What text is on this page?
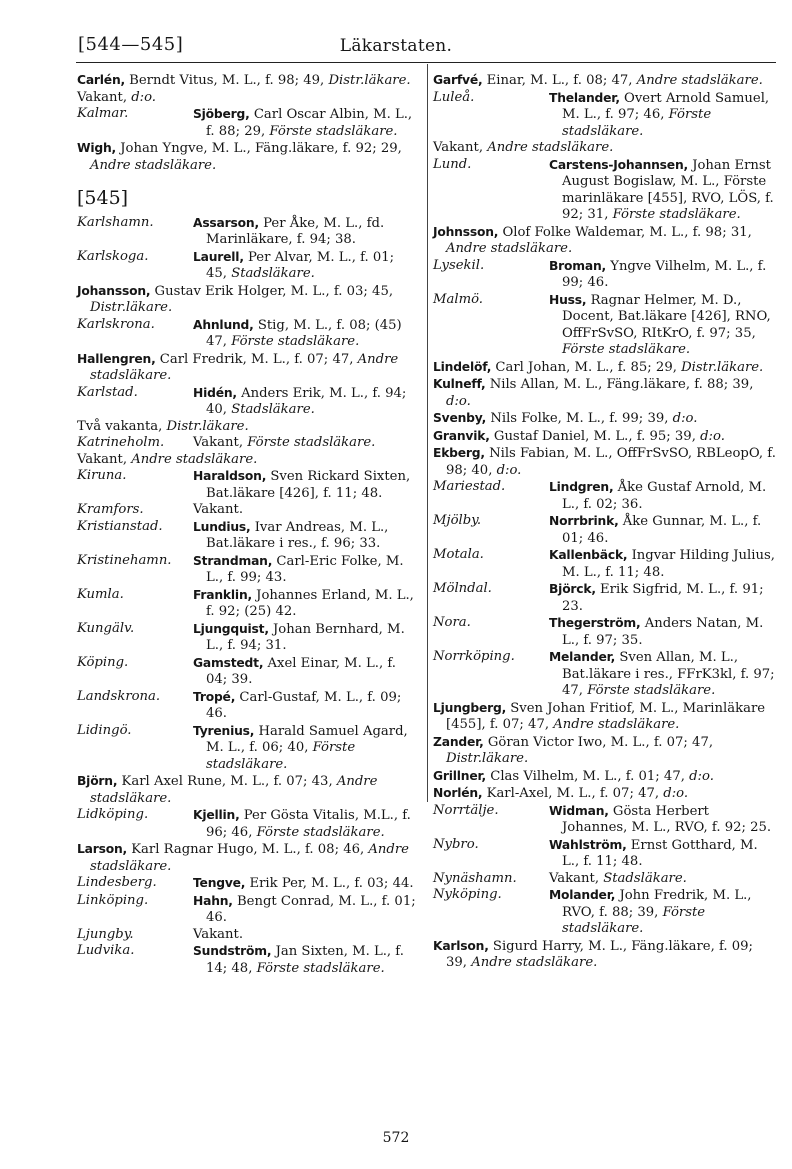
[544—545]	Läkarstaten.
Carlén, Berndt Vitus, M. L., f. 98; 49, Distr.läkare.
Vakant, d:o.
Kalmar.	Sjöberg, Carl Oscar Albin, M. L., f. 88; 29, Förste stadsläkare.
Wigh, Johan Yngve, M. L., Fäng.läkare, f. 92; 29, Andre stadsläkare.
[545]
Karlshamn.	Assarson, Per Åke, M. L., fd. Marinläkare, f. 94; 38.
Karlskoga.	Laurell, Per Alvar, M. L., f. 01; 45, Stadsläkare.
Johansson, Gustav Erik Holger, M. L., f. 03; 45, Distr.läkare.
Karlskrona.	Ahnlund, Stig, M. L., f. 08; (45) 47, Förste stadsläkare.
Hallengren, Carl Fredrik, M. L., f. 07; 47, Andre stadsläkare.
Karlstad.	Hidén, Anders Erik, M. L., f. 94; 40, Stadsläkare.
Två vakanta, Distr.läkare.
Katrineholm. Vakant, Förste stadsläkare.
Vakant, Andre stadsläkare.
Kiruna.	Haraldson, Sven Rickard Sixten, Bat.läkare [426], f. 11; 48.
Kramfors.	Vakant.
Kristianstad. Lundius, Ivar Andreas, M. L., Bat.läkare i res., f. 96; 33.
Kristinehamn. Strandman, Carl-Eric Folke, M. L., f. 99; 43.
Kumla.	Franklin, Johannes Erland, M. L., f. 92; (25) 42.
Kungälv.	Ljungquist, Johan Bernhard, M. L., f. 94; 31.
Köping.	Gamstedt, Axel Einar, M. L., f. 04; 39.
Landskrona.	Tropé, Carl-Gustaf, M. L., f. 09; 46.
Lidingö.	Tyrenius, Harald Samuel Agard, M. L., f. 06; 40, Förste stadsläkare.
Björn, Karl Axel Rune, M. L., f. 07; 43, Andre stadsläkare.
Lidköping.	Kjellin, Per Gösta Vitalis, M.L., f. 96; 46, Förste stadsläkare.
Larson, Karl Ragnar Hugo, M. L., f. 08; 46, Andre stadsläkare.
Lindesberg.	Tengve, Erik Per, M. L., f. 03; 44.
Linköping.	Hahn, Bengt Conrad, M. L., f. 01; 46.
Ljungby.	Vakant.
Ludvika.	Sundström, Jan Sixten, M. L., f. 14; 48, Förste stadsläkare.
Garfvé, Einar, M. L., f. 08; 47, Andre stadsläkare.
Luleå.	Thelander, Overt Arnold Samuel, M. L., f. 97; 46, Förste stadsläkare.
Vakant, Andre stadsläkare.
Lund.	Carstens-Johannsen, Johan Ernst August Bogislaw, M. L., Förste marinläkare [455], RVO, LÖS, f. 92; 31, Förste stadsläkare.
Johnsson, Olof Folke Waldemar, M. L., f. 98; 31, Andre stadsläkare.
Lysekil.	Broman, Yngve Vilhelm, M. L., f. 99; 46.
Malmö.	Huss, Ragnar Helmer, M. D., Docent, Bat.läkare [426], RNO, OffFrSvSO, RItKrO, f. 97; 35, Förste stadsläkare.
Lindelöf, Carl Johan, M. L., f. 85; 29, Distr.läkare.
Kulneff, Nils Allan, M. L., Fäng.läkare, f. 88; 39, d:o.
Svenby, Nils Folke, M. L., f. 99; 39, d:o.
Granvik, Gustaf Daniel, M. L., f. 95; 39, d:o.
Ekberg, Nils Fabian, M. L., OffFrSvSO, RBLeopO, f. 98; 40, d:o.
Mariestad.	Lindgren, Åke Gustaf Arnold, M. L., f. 02; 36.
Mjölby.	Norrbrink, Åke Gunnar, M. L., f. 01; 46.
Motala.	Kallenbäck, Ingvar Hilding Julius, M. L., f. 11; 48.
Mölndal.	Björck, Erik Sigfrid, M. L., f. 91; 23.
Nora.	Thegerström, Anders Natan, M. L., f. 97; 35.
Norrköping.	Melander, Sven Allan, M. L., Bat.läkare i res., FFrK3kl, f. 97; 47, Förste stadsläkare.
Ljungberg, Sven Johan Fritiof, M. L., Marinläkare [455], f. 07; 47, Andre stadsläkare.
Zander, Göran Victor Iwo, M. L., f. 07; 47, Distr.läkare.
Grillner, Clas Vilhelm, M. L., f. 01; 47, d:o.
Norlén, Karl-Axel, M. L., f. 07; 47, d:o.
Norrtälje.	Widman, Gösta Herbert Johannes, M. L., RVO, f. 92; 25.
Nybro.	Wahlström, Ernst Gotthard, M. L., f. 11; 48.
Nynäshamn. Vakant, Stadsläkare.
Nyköping.	Molander, John Fredrik, M. L., RVO, f. 88; 39, Förste stadsläkare.
Karlson, Sigurd Harry, M. L., Fäng.läkare, f. 09; 39, Andre stadsläkare.
572
